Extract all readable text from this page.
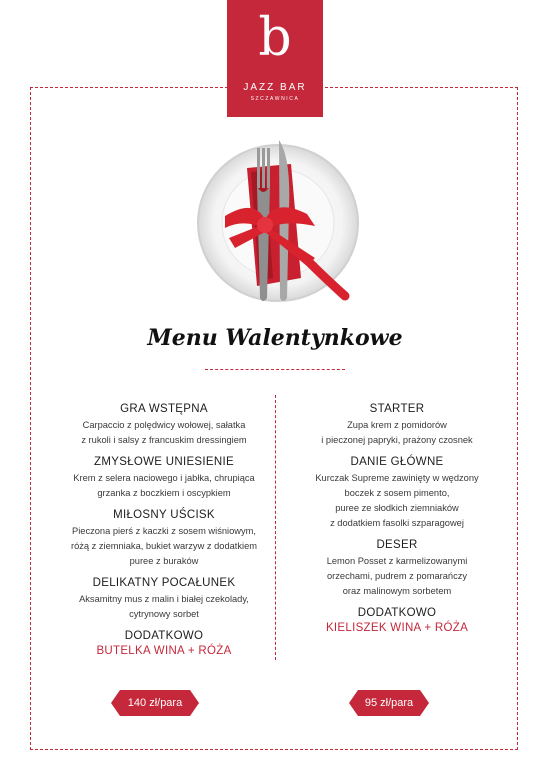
b
JAZZ BAR
SZCZAWNICA
Menu Walentynkowe
GRA WSTĘPNA
Carpaccio z polędwicy wołowej, sałatka
z rukoli i salsy z francuskim dressingiem
ZMYSŁOWE UNIESIENIE
Krem z selera naciowego i jabłka, chrupiąca
grzanka z boczkiem i oscypkiem
MIŁOSNY UŚCISK
Pieczona pierś z kaczki z sosem wiśniowym,
różą z ziemniaka, bukiet warzyw z dodatkiem
puree z buraków
DELIKATNY POCAŁUNEK
Aksamitny mus z malin i białej czekolady,
cytrynowy sorbet
DODATKOWO
BUTELKA WINA + RÓŻA
STARTER
Zupa krem z pomidorów
i pieczonej papryki, prażony czosnek
DANIE GŁÓWNE
Kurczak Supreme zawinięty w wędzony
boczek z sosem pimento,
puree ze słodkich ziemniaków
z dodatkiem fasolki szparagowej
DESER
Lemon Posset z karmelizowanymi
orzechami, pudrem z pomarańczy
oraz malinowym sorbetem
DODATKOWO
KIELISZEK WINA + RÓŻA
140 zł/para	95 zł/para
